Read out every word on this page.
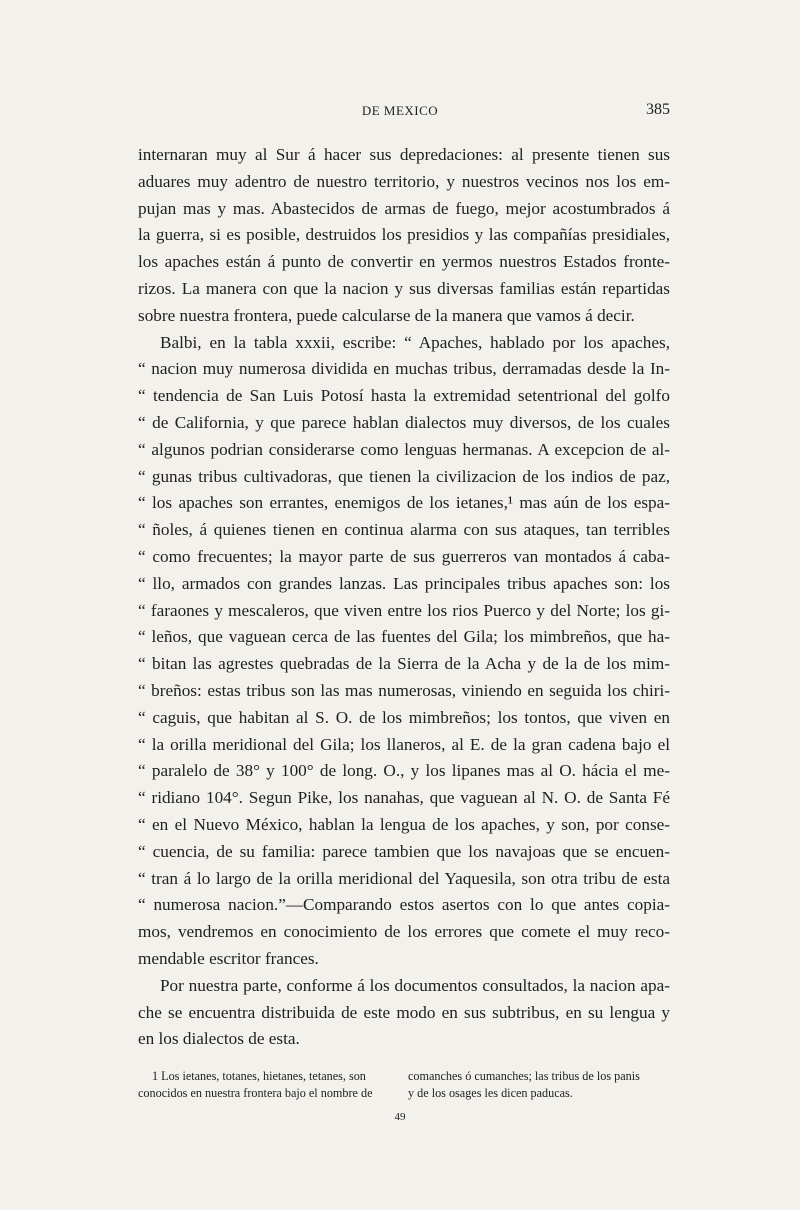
DE MEXICO	385
internaran muy al Sur á hacer sus depredaciones: al presente tienen sus
aduares muy adentro de nuestro territorio, y nuestros vecinos nos los em-
pujan mas y mas. Abastecidos de armas de fuego, mejor acostumbrados á
la guerra, si es posible, destruidos los presidios y las compañías presidiales,
los apaches están á punto de convertir en yermos nuestros Estados fronte-
rizos. La manera con que la nacion y sus diversas familias están repartidas
sobre nuestra frontera, puede calcularse de la manera que vamos á decir.
Balbi, en la tabla xxxii, escribe: “ Apaches, hablado por los apaches,
“ nacion muy numerosa dividida en muchas tribus, derramadas desde la In-
“ tendencia de San Luis Potosí hasta la extremidad setentrional del golfo
“ de California, y que parece hablan dialectos muy diversos, de los cuales
“ algunos podrian considerarse como lenguas hermanas. A excepcion de al-
“ gunas tribus cultivadoras, que tienen la civilizacion de los indios de paz,
“ los apaches son errantes, enemigos de los ietanes,¹ mas aún de los espa-
“ ñoles, á quienes tienen en continua alarma con sus ataques, tan terribles
“ como frecuentes; la mayor parte de sus guerreros van montados á caba-
“ llo, armados con grandes lanzas. Las principales tribus apaches son: los
“ faraones y mescaleros, que viven entre los rios Puerco y del Norte; los gi-
“ leños, que vaguean cerca de las fuentes del Gila; los mimbreños, que ha-
“ bitan las agrestes quebradas de la Sierra de la Acha y de la de los mim-
“ breños: estas tribus son las mas numerosas, viniendo en seguida los chiri-
“ caguis, que habitan al S. O. de los mimbreños; los tontos, que viven en
“ la orilla meridional del Gila; los llaneros, al E. de la gran cadena bajo el
“ paralelo de 38° y 100° de long. O., y los lipanes mas al O. hácia el me-
“ ridiano 104°. Segun Pike, los nanahas, que vaguean al N. O. de Santa Fé
“ en el Nuevo México, hablan la lengua de los apaches, y son, por conse-
“ cuencia, de su familia: parece tambien que los navajoas que se encuen-
“ tran á lo largo de la orilla meridional del Yaquesila, son otra tribu de esta
“ numerosa nacion.”—Comparando estos asertos con lo que antes copia-
mos, vendremos en conocimiento de los errores que comete el muy reco-
mendable escritor frances.
Por nuestra parte, conforme á los documentos consultados, la nacion apa-
che se encuentra distribuida de este modo en sus subtribus, en su lengua y
en los dialectos de esta.
1 Los ietanes, totanes, hietanes, tetanes, son
conocidos en nuestra frontera bajo el nombre de
comanches ó cumanches; las tribus de los panis
y de los osages les dicen paducas.
49
